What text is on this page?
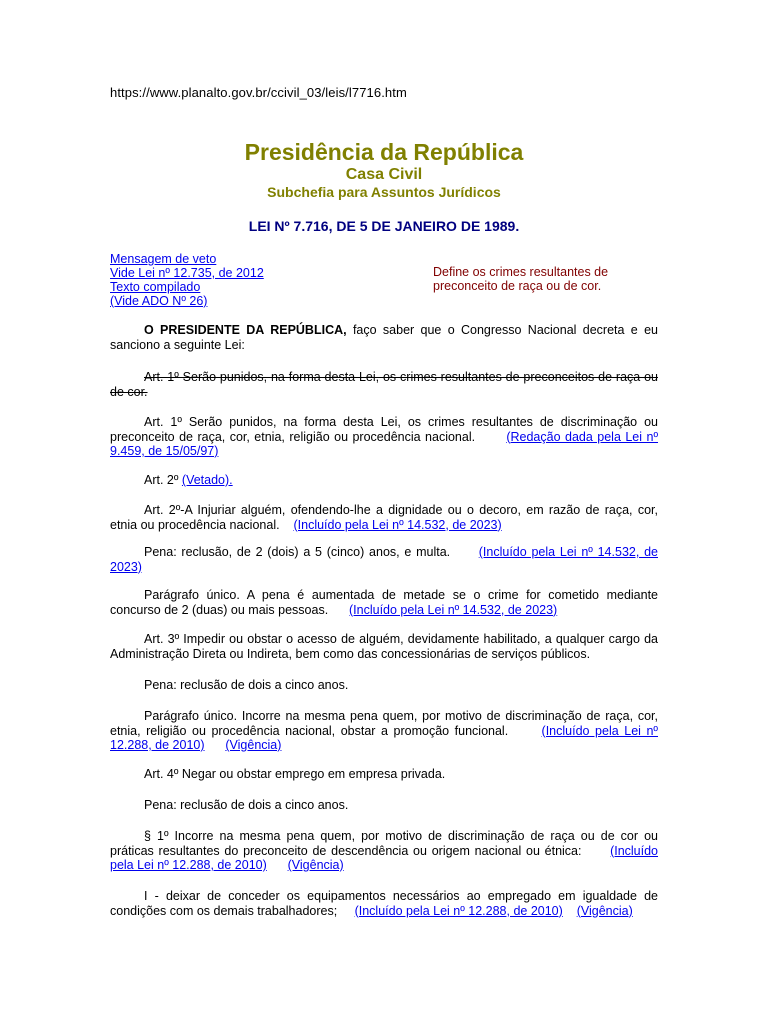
https://www.planalto.gov.br/ccivil_03/leis/l7716.htm
Presidência da República
Casa Civil
Subchefia para Assuntos Jurídicos
LEI Nº 7.716, DE 5 DE JANEIRO DE 1989.
Mensagem de veto
Vide Lei nº 12.735, de 2012
Texto compilado
(Vide ADO Nº 26)
Define os crimes resultantes de preconceito de raça ou de cor.

O PRESIDENTE DA REPÚBLICA, faço saber que o Congresso Nacional decreta e eu sanciono a seguinte Lei:

Art. 1º Serão punidos, na forma desta Lei, os crimes resultantes de preconceitos de raça ou de cor.

Art. 1º Serão punidos, na forma desta Lei, os crimes resultantes de discriminação ou preconceito de raça, cor, etnia, religião ou procedência nacional. (Redação dada pela Lei nº 9.459, de 15/05/97)

Art. 2º (Vetado).

Art. 2º-A Injuriar alguém, ofendendo-lhe a dignidade ou o decoro, em razão de raça, cor, etnia ou procedência nacional. (Incluído pela Lei nº 14.532, de 2023)

Pena: reclusão, de 2 (dois) a 5 (cinco) anos, e multa. (Incluído pela Lei nº 14.532, de 2023)

Parágrafo único. A pena é aumentada de metade se o crime for cometido mediante concurso de 2 (duas) ou mais pessoas. (Incluído pela Lei nº 14.532, de 2023)

Art. 3º Impedir ou obstar o acesso de alguém, devidamente habilitado, a qualquer cargo da Administração Direta ou Indireta, bem como das concessionárias de serviços públicos.

Pena: reclusão de dois a cinco anos.

Parágrafo único. Incorre na mesma pena quem, por motivo de discriminação de raça, cor, etnia, religião ou procedência nacional, obstar a promoção funcional.	(Incluído pela Lei nº 12.288, de 2010) (Vigência)

Art. 4º Negar ou obstar emprego em empresa privada.

Pena: reclusão de dois a cinco anos.

§ 1º Incorre na mesma pena quem, por motivo de discriminação de raça ou de cor ou práticas resultantes do preconceito de descendência ou origem nacional ou étnica: (Incluído pela Lei nº 12.288, de 2010) (Vigência)

I - deixar de conceder os equipamentos necessários ao empregado em igualdade de condições com os demais trabalhadores; (Incluído pela Lei nº 12.288, de 2010) (Vigência)
